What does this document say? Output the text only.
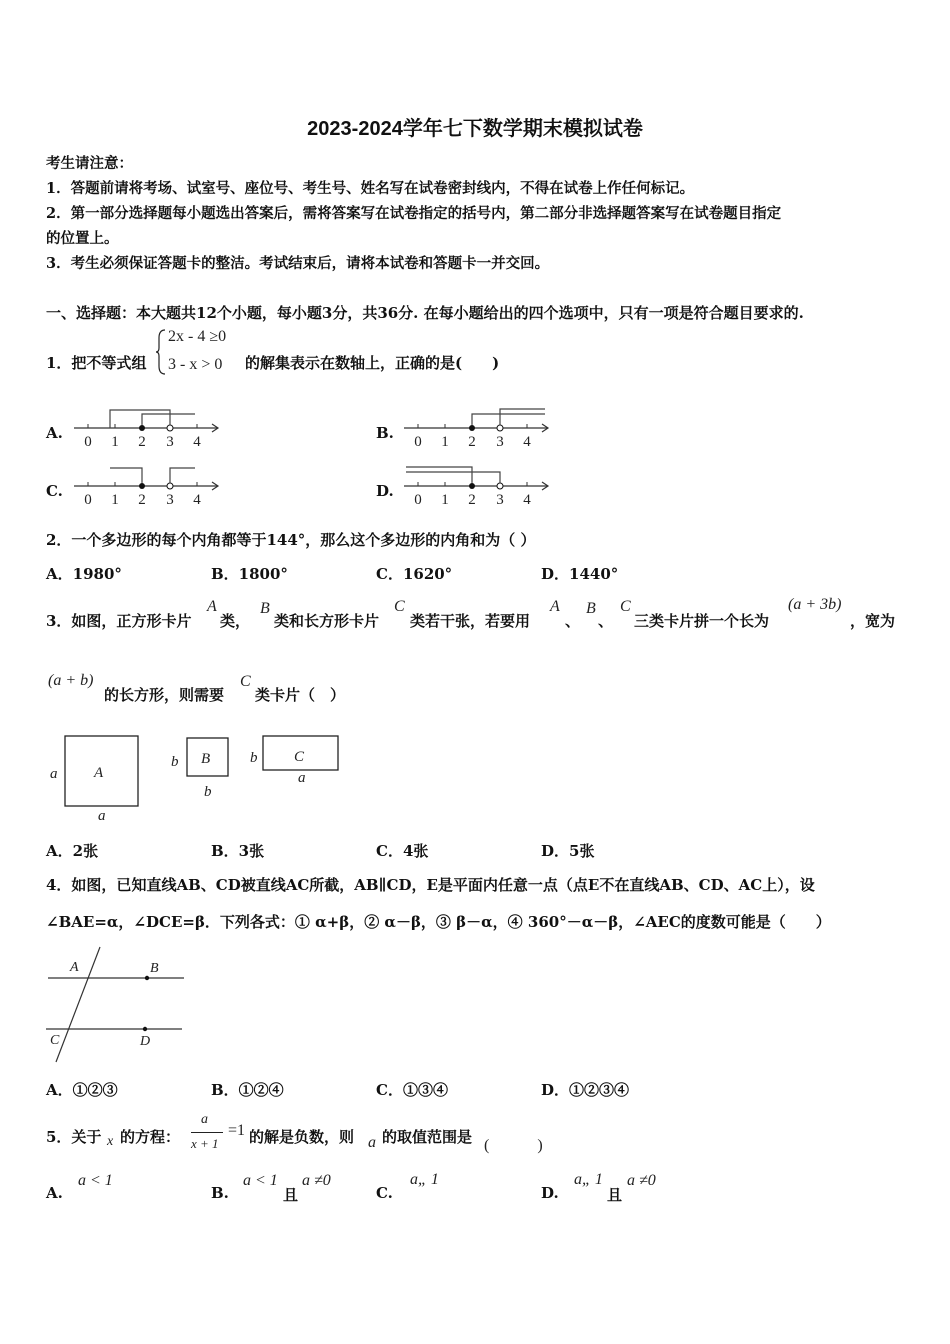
2023-2024学年七下数学期末模拟试卷
考生请注意：
1．答题前请将考场、试室号、座位号、考生号、姓名写在试卷密封线内，不得在试卷上作任何标记。
2．第一部分选择题每小题选出答案后，需将答案写在试卷指定的括号内，第二部分非选择题答案写在试卷题目指定
的位置上。
3．考生必须保证答题卡的整洁。考试结束后，请将本试卷和答题卡一并交回。
一、选择题：本大题共12个小题，每小题3分，共36分. 在每小题给出的四个选项中，只有一项是符合题目要求的.
1．把不等式组
2x - 4 ≥0
3 - x > 0 的解集表示在数轴上，正确的是(　　)
A.	B.
C.	D.
0 1 2 3 4	0 1 2 3 4
0 1 2 3 4	0 1 2 3 4
2．一个多边形的每个内角都等于144°，那么这个多边形的内角和为（ ）
A．1980°	B．1800°	C．1620°	D．1440°
3．如图，正方形卡片
A
类，
B
类和长方形卡片
C
类若干张，若要用
A
、
B
、
C
三类卡片拼一个长为
(a + 3b)
，宽为
(a + b)
的长方形，则需要
C
类卡片（　）
a A
a
b B
b
b C
a
A．2张	B．3张	C．4张	D．5张
4．如图，已知直线AB、CD被直线AC所截，AB∥CD，E是平面内任意一点（点E不在直线AB、CD、AC上），设
∠BAE=α，∠DCE=β．下列各式：① α+β，② α－β，③ β－α，④ 360°－α－β，∠AEC的度数可能是（　　）
A	B
C	D
A．①②③	B．①②④	C．①③④	D．①②③④
5．关于 x 的方程：
a
x + 1
=1 的解是负数，则 a 的取值范围是 (　　　)
A.
a < 1
B.
a < 1
且
a ≠0
C.
a„ 1
D.
a„ 1
且
a ≠0
